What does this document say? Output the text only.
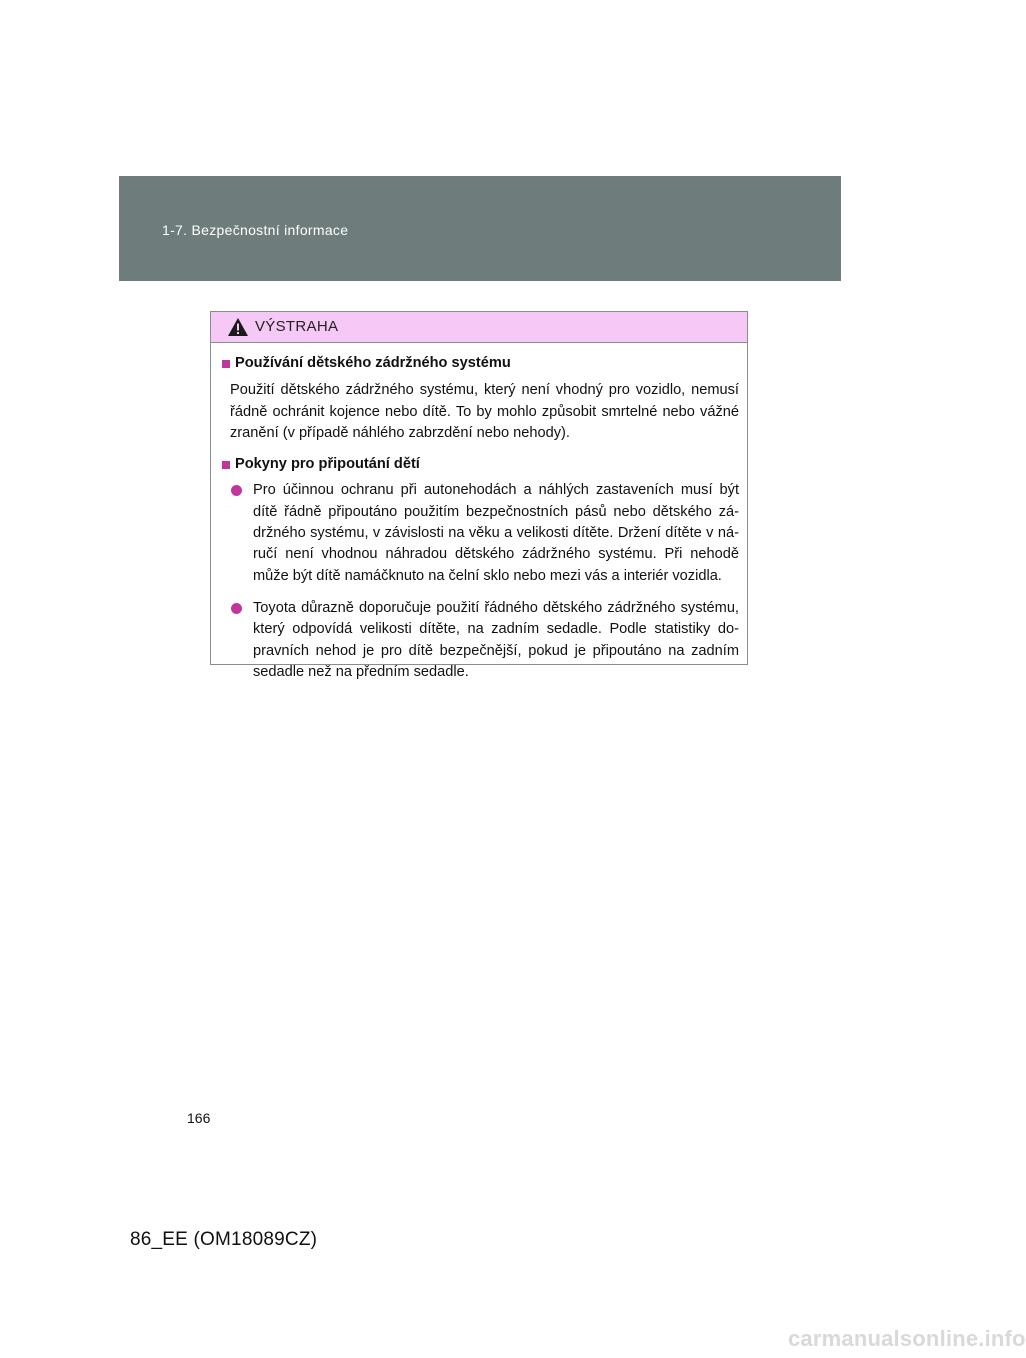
1-7. Bezpečnostní informace
VÝSTRAHA
Používání dětského zádržného systému

Použití dětského zádržného systému, který není vhodný pro vozidlo, nemusí řádně ochránit kojence nebo dítě. To by mohlo způsobit smrtelné nebo vážné zranění (v případě náhlého zabrzdění nebo nehody).

Pokyny pro připoutání dětí
Pro účinnou ochranu při autonehodách a náhlých zastaveních musí být dítě řádně připoutáno použitím bezpečnostních pásů nebo dětského zádržného systému, v závislosti na věku a velikosti dítěte. Držení dítěte v náručí není vhodnou náhradou dětského zádržného systému. Při nehodě může být dítě namáčknuto na čelní sklo nebo mezi vás a interiér vozidla.
Toyota důrazně doporučuje použití řádného dětského zádržného systému, který odpovídá velikosti dítěte, na zadním sedadle. Podle statistiky dopravních nehod je pro dítě bezpečnější, pokud je připoutáno na zadním sedadle než na předním sedadle.
166
86_EE (OM18089CZ)
carmanualsonline.info
